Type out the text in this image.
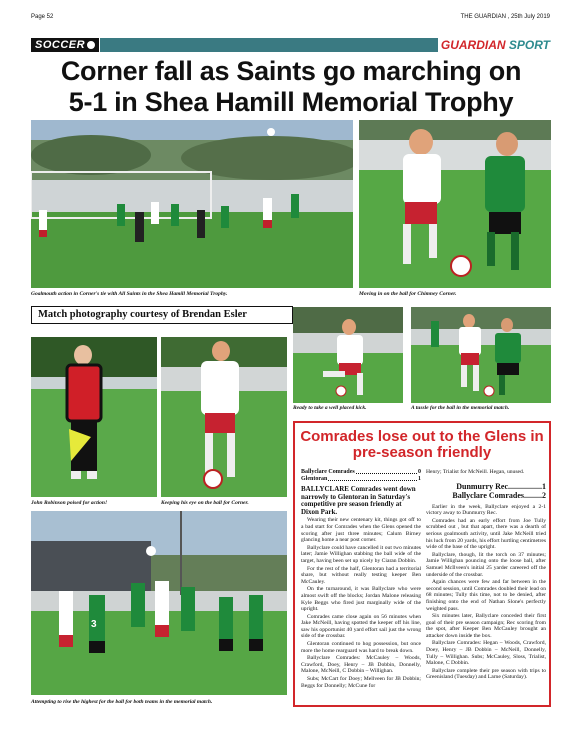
Page 52	THE GUARDIAN , 25th July 2019
SOCCER	GUARDIAN SPORT
Corner fall as Saints go marching on
5-1 in Shea Hamill Memorial Trophy
Goalmouth action in Corner's tie with All Saints in the Shea Hamill Memorial Trophy.	Moving in on the ball for Chimney Corner.
Match photography courtesy of Brendan Esler
John Robinson poised for action!	Keeping his eye on the ball for Corner.
Ready to take a well placed kick.	A tussle for the ball in the memorial match.
3
Attempting to rise the highest for the ball for both teams in the memorial match.
Comrades lose out to the Glens in pre-season friendly
Ballyclare Comrades	0
Glentoran	1

BALLYCLARE Comrades went down narrowly to Glentoran in Saturday's competitive pre season friendly at Dixon Park.

Wearing their new centenary kit, things got off to a bad start for Comrades when the Glens opened the scoring after just three minutes; Calum Birney glancing home a near post corner.

Ballyclare could have cancelled it out two minutes later; Jamie Willighan stabbing the ball wide of the target, having been set up nicely by Ciaran Dobbin.

For the rest of the half, Glentoran had a territorial share, but without really testing keeper Ben McCauley.

On the turnaround, it was Ballyclare who were almost swift off the blocks; Jordan Malone releasing Kyle Beggs who fired just marginally wide of the upright.

Comrades came close again on 56 minutes when Jake McNeill, having spotted the keeper off his line, saw his opportunist 40 yard effort sail just the wrong side of the crossbar.

Glentoran continued to hog possession, but once more the home rearguard was hard to break down.

Ballyclare Comrades: McCauley – Woods, Crawford, Doey, Henry – JB Dobbin, Donnelly, Malone, McNeill, C Dobbin – Willighan.

Subs; McCart for Doey; Mellveen for JB Dobbin; Beggs for Donnelly; McCune for

Henry; Trialist for McNeill. Hegan, unused.

Dunmurry Rec.................1
Ballyclare Comrades.........2

Earlier in the week, Ballyclare enjoyed a 2-1 victory away to Dunmurry Rec.

Comrades had an early effort from Joe Tully scrubbed out , but that apart, there was a dearth of serious goalmouth activity, until Jake McNeill tried his luck from 20 yards, his effort hurtling centimetres wide of the base of the upright.

Ballyclare, though, lit the torch on 37 minutes; Jamie Willighan pouncing onto the loose ball, after Samuel McIlveen's initial 25 yarder careered off the underside of the crossbar.

Again chances were few and far between in the second session, until Comrades doubled their lead on 68 minutes; Tully this time, not to be denied, after finishing onto the end of Nathan Slone's perfectly weighted pass.

Six minutes later, Ballyclare conceded their first goal of their pre season campaign; Rec scoring from the spot, after Keeper Ben McCauley brought an attacker down inside the box.

Ballyclare Comrades: Hegan – Woods, Crawford, Doey, Henry – JB Dobbin – McNeill, Donnelly, Tully – Willighan. Subs; McCauley, Sloss, Trialist, Malone, C Dobbin.

Ballyclare complete their pre season with trips to Greenisland (Tuesday) and Larne (Saturday).
